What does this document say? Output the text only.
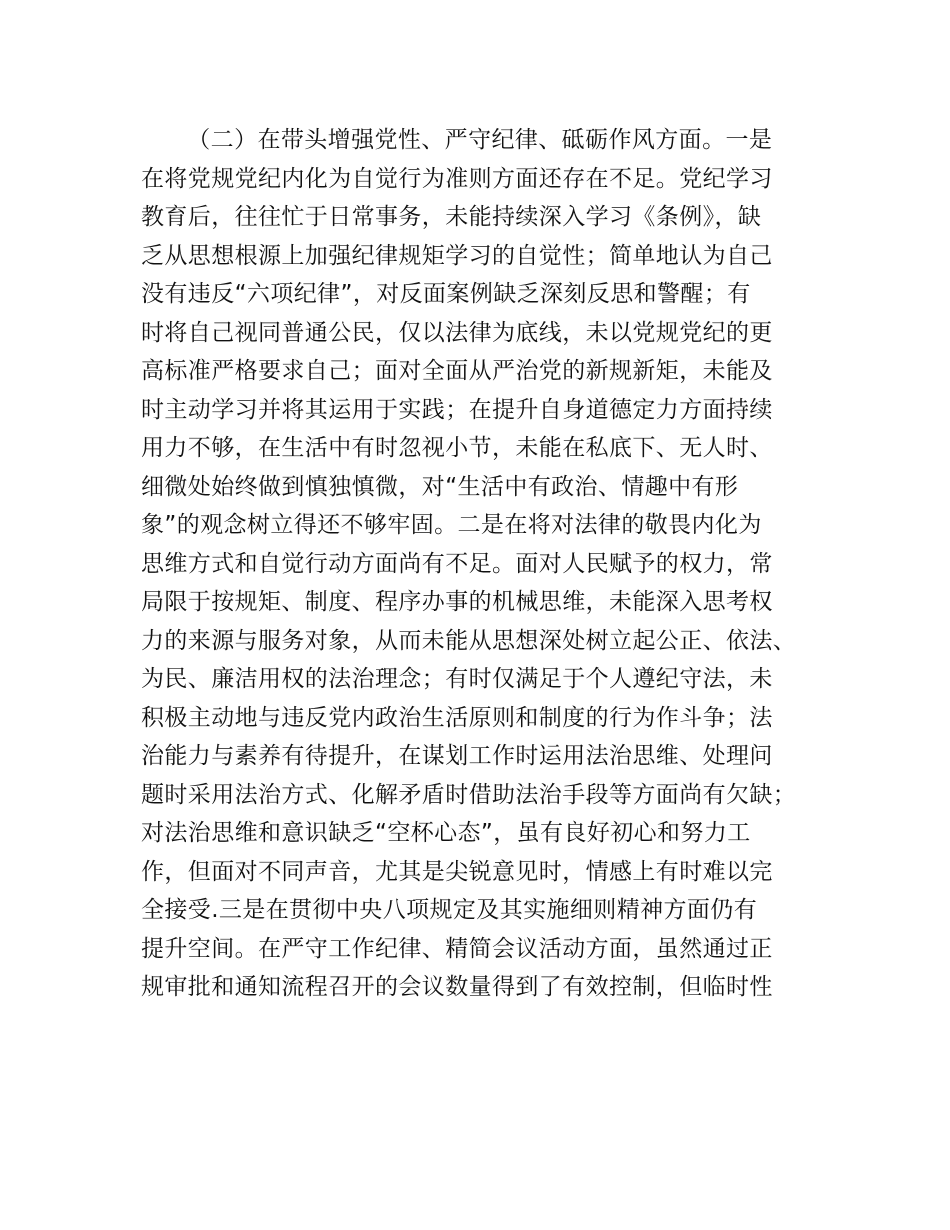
（二）在带头增强党性、严守纪律、砥砺作风方面。一是
在将党规党纪内化为自觉行为准则方面还存在不足。党纪学习
教育后，往往忙于日常事务，未能持续深入学习《条例》，缺
乏从思想根源上加强纪律规矩学习的自觉性；简单地认为自己
没有违反“六项纪律”，对反面案例缺乏深刻反思和警醒；有
时将自己视同普通公民，仅以法律为底线，未以党规党纪的更
高标准严格要求自己；面对全面从严治党的新规新矩，未能及
时主动学习并将其运用于实践；在提升自身道德定力方面持续
用力不够，在生活中有时忽视小节，未能在私底下、无人时、
细微处始终做到慎独慎微，对“生活中有政治、情趣中有形
象”的观念树立得还不够牢固。二是在将对法律的敬畏内化为
思维方式和自觉行动方面尚有不足。面对人民赋予的权力，常
局限于按规矩、制度、程序办事的机械思维，未能深入思考权
力的来源与服务对象，从而未能从思想深处树立起公正、依法、
为民、廉洁用权的法治理念；有时仅满足于个人遵纪守法，未
积极主动地与违反党内政治生活原则和制度的行为作斗争；法
治能力与素养有待提升，在谋划工作时运用法治思维、处理问
题时采用法治方式、化解矛盾时借助法治手段等方面尚有欠缺；
对法治思维和意识缺乏“空杯心态”，虽有良好初心和努力工
作，但面对不同声音，尤其是尖锐意见时，情感上有时难以完
全接受.三是在贯彻中央八项规定及其实施细则精神方面仍有
提升空间。在严守工作纪律、精简会议活动方面，虽然通过正
规审批和通知流程召开的会议数量得到了有效控制，但临时性
